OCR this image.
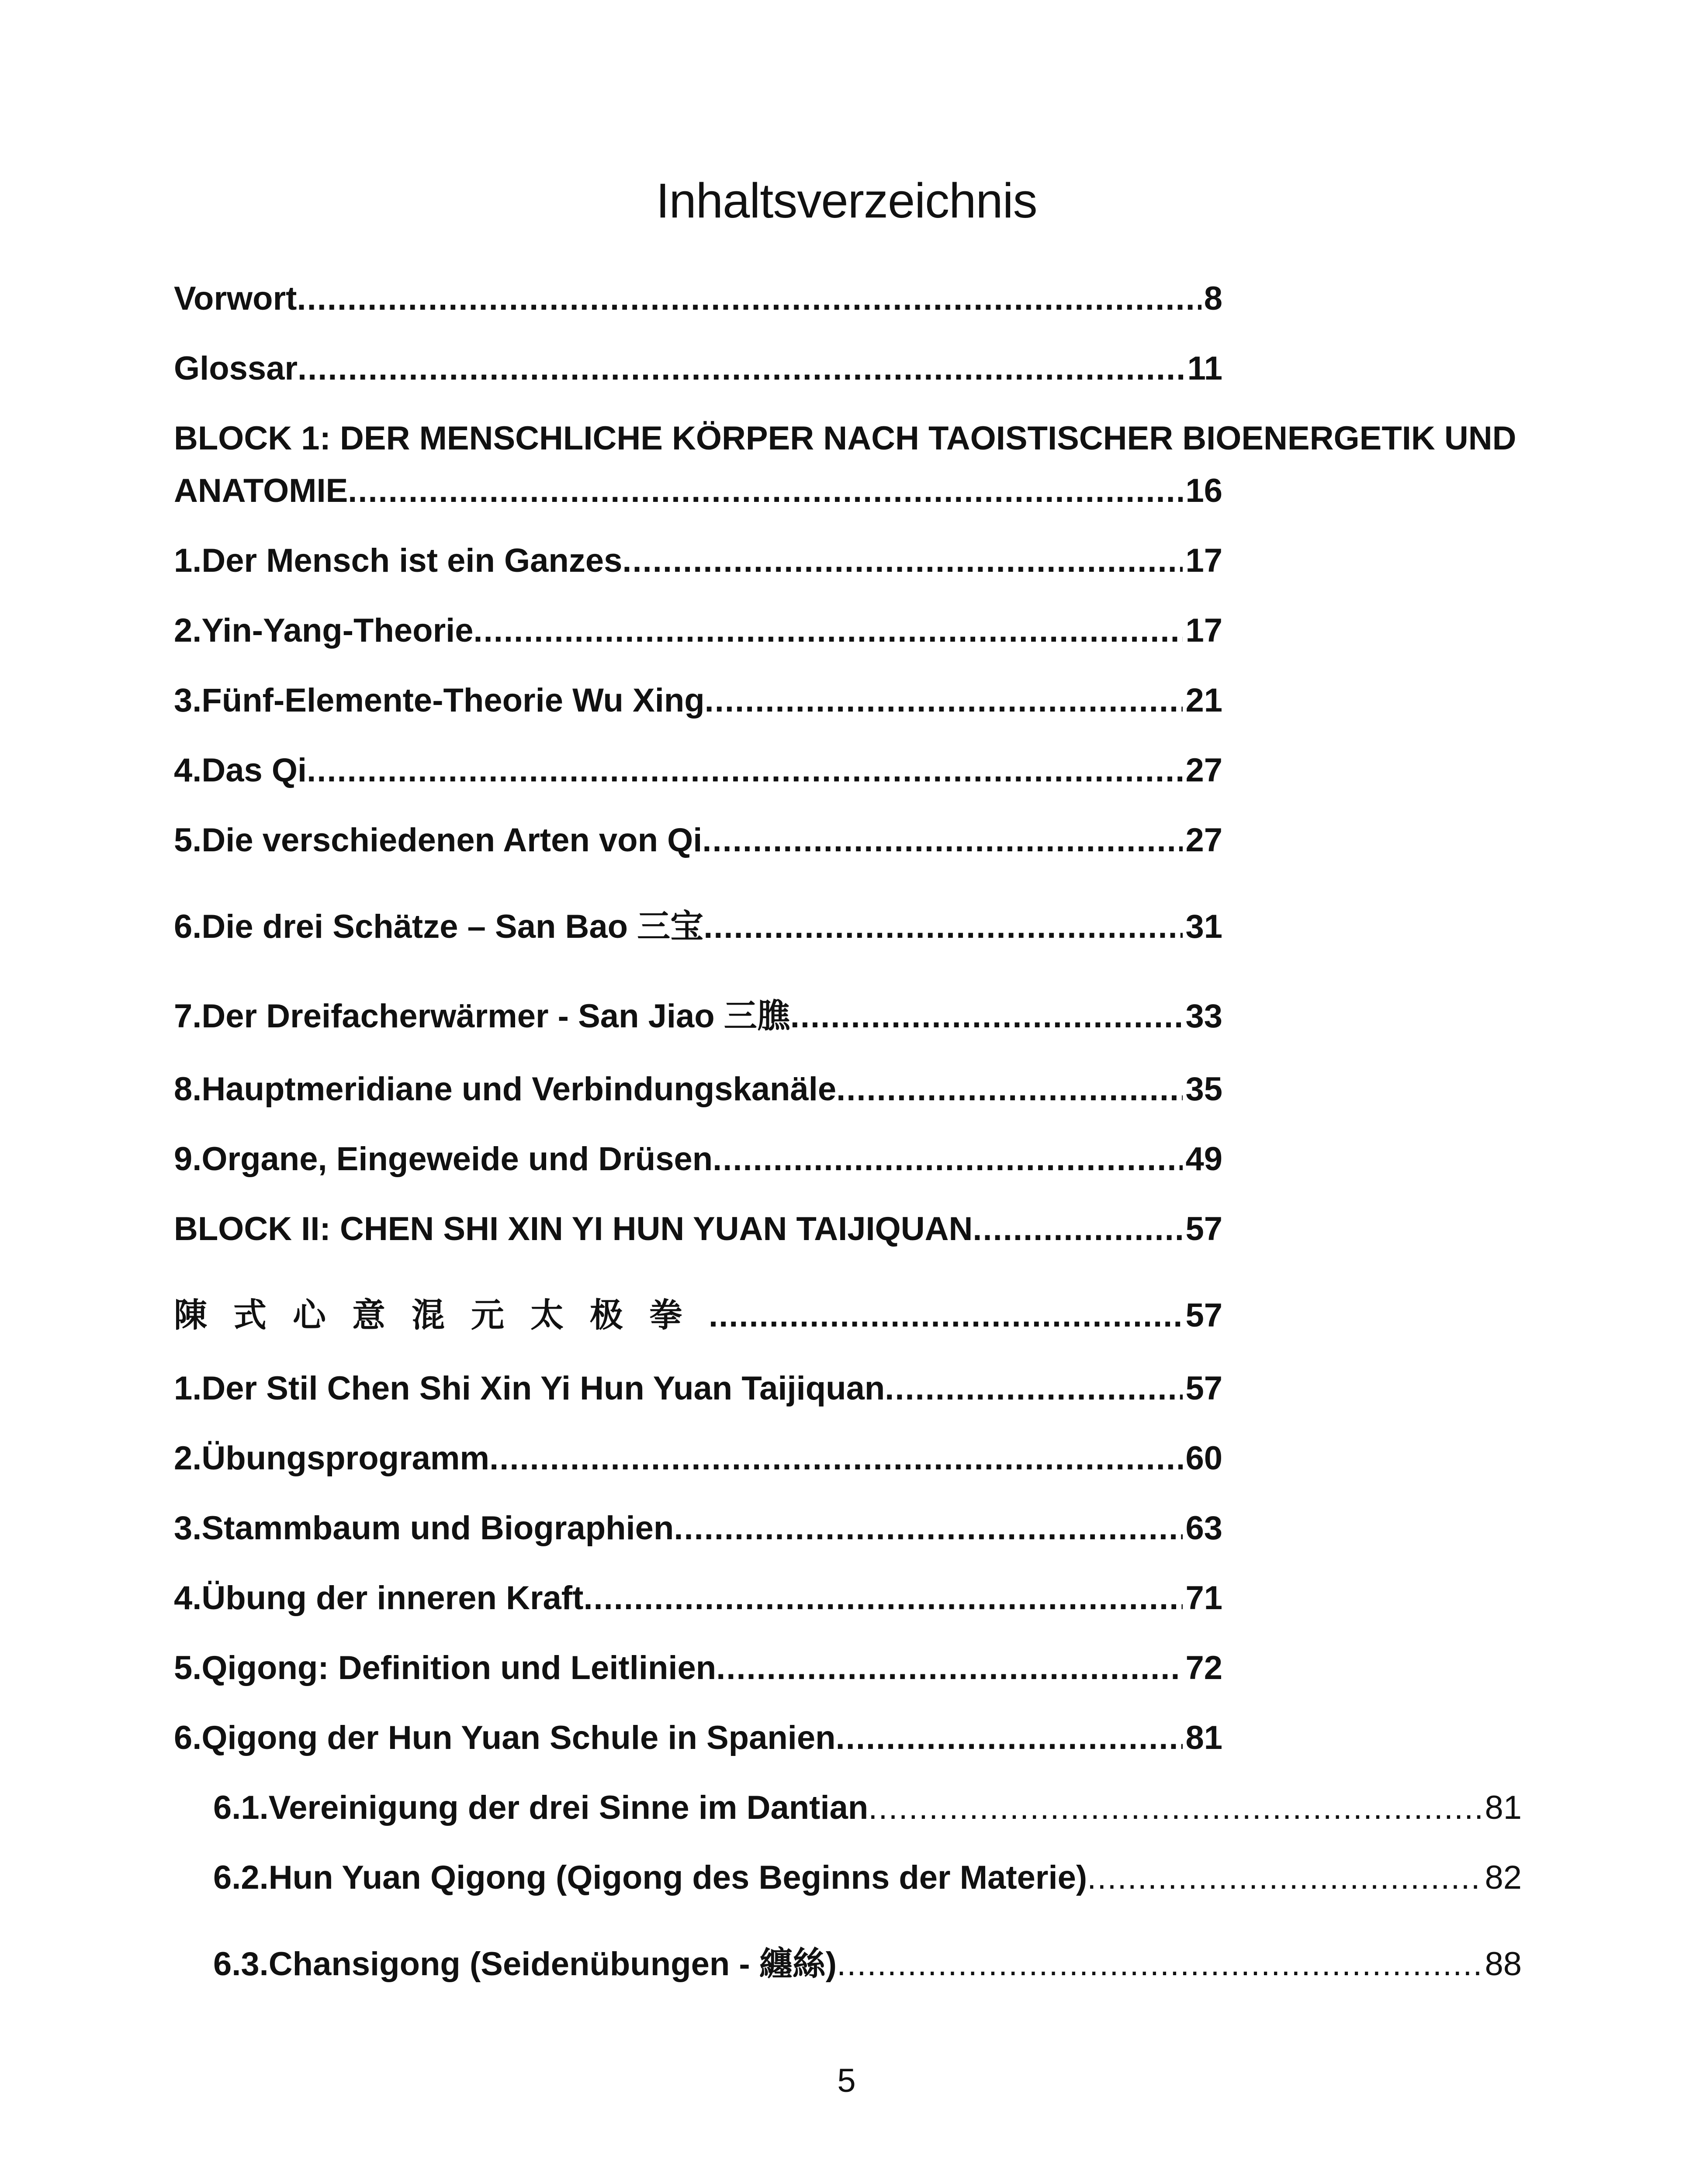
Inhaltsverzeichnis
Vorwort .....	8
Glossar .....	11
BLOCK 1: DER MENSCHLICHE KÖRPER NACH TAOISTISCHER BIOENERGETIK UND
ANATOMIE .....	16
1. Der Mensch ist ein Ganzes .....	17
2. Yin-Yang-Theorie .....	17
3. Fünf-Elemente-Theorie Wu Xing .....	21
4. Das Qi .....	27
5. Die verschiedenen Arten von Qi .....	27
6. Die drei Schätze – San Bao 三宝 .....	31
7. Der Dreifacherwärmer - San Jiao 三膲 .....	33
8. Hauptmeridiane und Verbindungskanäle .....	35
9. Organe, Eingeweide und Drüsen .....	49
BLOCK II: CHEN SHI XIN YI HUN YUAN TAIJIQUAN .....	57
陳式心意混元太极拳 .....	57
1. Der Stil Chen Shi Xin Yi Hun Yuan Taijiquan .....	57
2. Übungsprogramm .....	60
3. Stammbaum und Biographien .....	63
4. Übung der inneren Kraft .....	71
5. Qigong: Definition und Leitlinien .....	72
6. Qigong der Hun Yuan Schule in Spanien .....	81
6.1. Vereinigung der drei Sinne im Dantian .....	81
6.2. Hun Yuan Qigong (Qigong des Beginns der Materie) .....	82
6.3. Chansigong (Seidenübungen - 纏絲) .....	88
5
